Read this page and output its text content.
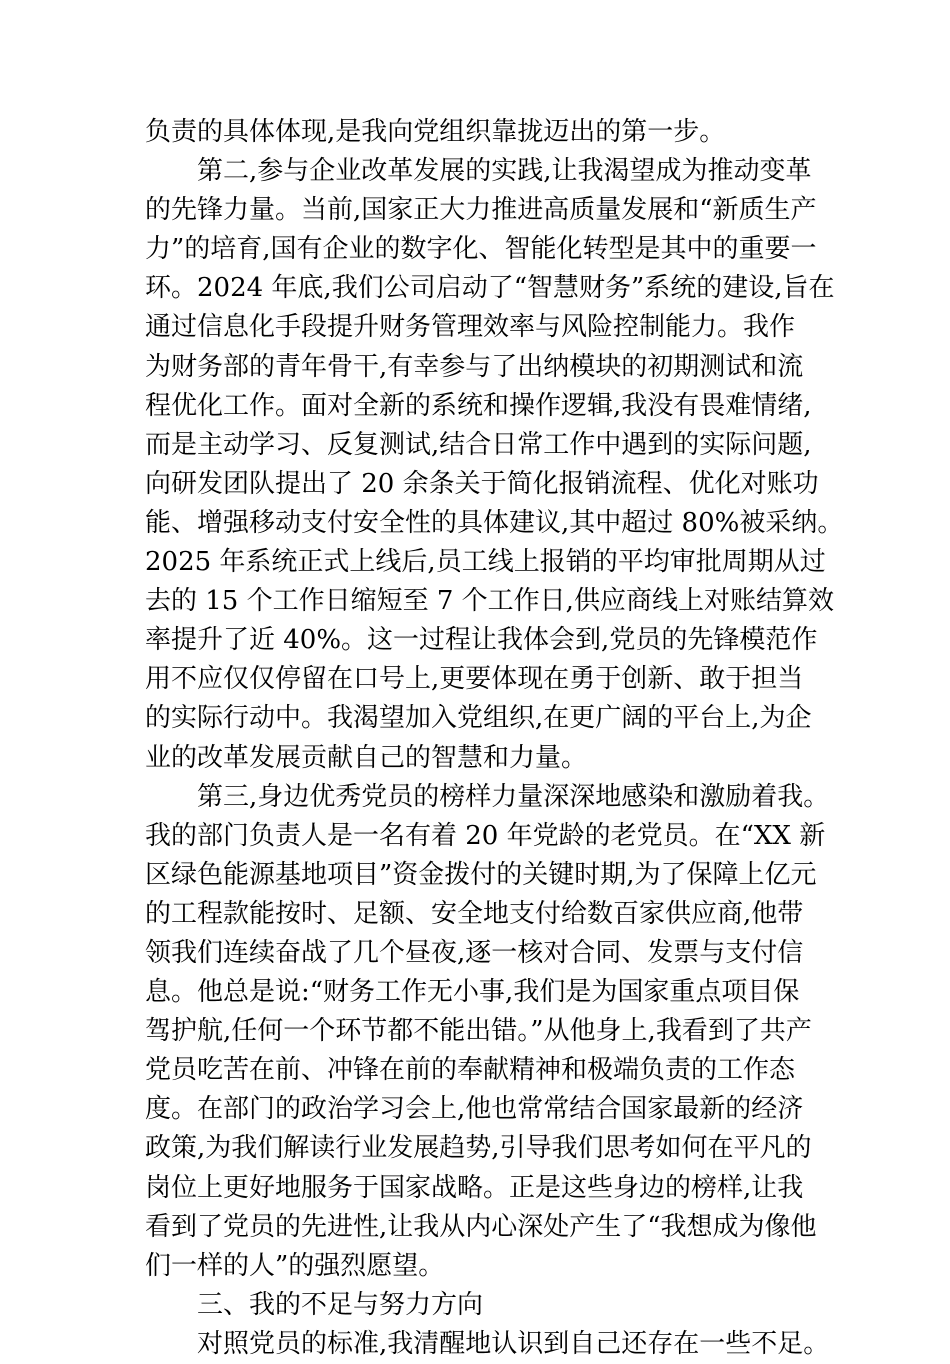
负责的具体体现,是我向党组织靠拢迈出的第一步。
第二,参与企业改革发展的实践,让我渴望成为推动变革
的先锋力量。当前,国家正大力推进高质量发展和“新质生产
力”的培育,国有企业的数字化、智能化转型是其中的重要一
环。2024 年底,我们公司启动了“智慧财务”系统的建设,旨在
通过信息化手段提升财务管理效率与风险控制能力。我作
为财务部的青年骨干,有幸参与了出纳模块的初期测试和流
程优化工作。面对全新的系统和操作逻辑,我没有畏难情绪,
而是主动学习、反复测试,结合日常工作中遇到的实际问题,
向研发团队提出了 20 余条关于简化报销流程、优化对账功
能、增强移动支付安全性的具体建议,其中超过 80%被采纳。
2025 年系统正式上线后,员工线上报销的平均审批周期从过
去的 15 个工作日缩短至 7 个工作日,供应商线上对账结算效
率提升了近 40%。这一过程让我体会到,党员的先锋模范作
用不应仅仅停留在口号上,更要体现在勇于创新、敢于担当
的实际行动中。我渴望加入党组织,在更广阔的平台上,为企
业的改革发展贡献自己的智慧和力量。
第三,身边优秀党员的榜样力量深深地感染和激励着我。
我的部门负责人是一名有着 20 年党龄的老党员。在“XX 新
区绿色能源基地项目”资金拨付的关键时期,为了保障上亿元
的工程款能按时、足额、安全地支付给数百家供应商,他带
领我们连续奋战了几个昼夜,逐一核对合同、发票与支付信
息。他总是说:“财务工作无小事,我们是为国家重点项目保
驾护航,任何一个环节都不能出错。”从他身上,我看到了共产
党员吃苦在前、冲锋在前的奉献精神和极端负责的工作态
度。在部门的政治学习会上,他也常常结合国家最新的经济
政策,为我们解读行业发展趋势,引导我们思考如何在平凡的
岗位上更好地服务于国家战略。正是这些身边的榜样,让我
看到了党员的先进性,让我从内心深处产生了“我想成为像他
们一样的人”的强烈愿望。
三、我的不足与努力方向
对照党员的标准,我清醒地认识到自己还存在一些不足。
